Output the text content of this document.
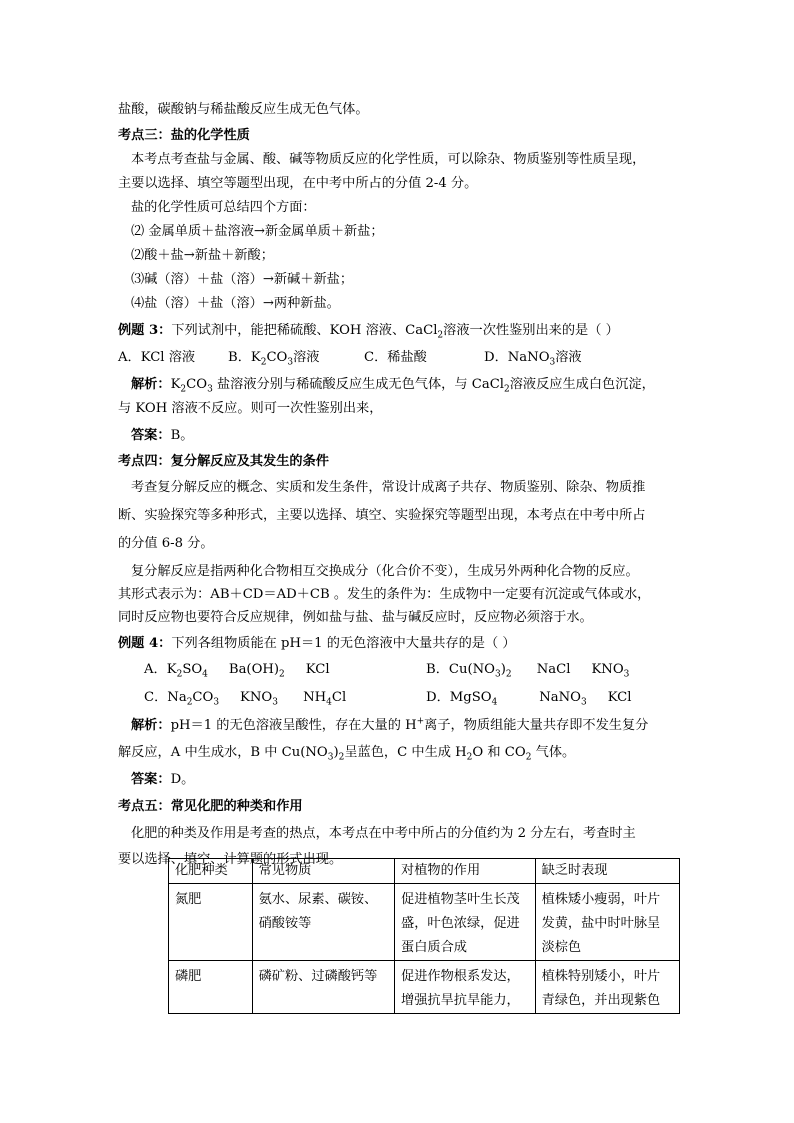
盐酸，碳酸钠与稀盐酸反应生成无色气体。
考点三：盐的化学性质
本考点考查盐与金属、酸、碱等物质反应的化学性质，可以除杂、物质鉴别等性质呈现，
主要以选择、填空等题型出现，在中考中所占的分值 2-4 分。
盐的化学性质可总结四个方面：
⑵ 金属单质＋盐溶液→新金属单质＋新盐；
⑵酸＋盐→新盐＋新酸；
⑶碱（溶）＋盐（溶）→新碱＋新盐；
⑷盐（溶）＋盐（溶）→两种新盐。
例题 3：下列试剂中，能把稀硫酸、KOH 溶液、CaCl$_2$溶液一次性鉴别出来的是（ ）
A．KCl 溶液 B．$K_2CO_3$溶液	C．稀盐酸	D．NaNO$_3$溶液
解析：$K_2CO_3$ 盐溶液分别与稀硫酸反应生成无色气体，与 CaCl$_2$溶液反应生成白色沉淀，
与 KOH 溶液不反应。则可一次性鉴别出来，
答案：B。
考点四：复分解反应及其发生的条件
考查复分解反应的概念、实质和发生条件，常设计成离子共存、物质鉴别、除杂、物质推
断、实验探究等多种形式，主要以选择、填空、实验探究等题型出现，本考点在中考中所占
的分值 6-8 分。
复分解反应是指两种化合物相互交换成分（化合价不变），生成另外两种化合物的反应。
其形式表示为：AB＋CD＝AD＋CB 。发生的条件为：生成物中一定要有沉淀或气体或水，
同时反应物也要符合反应规律，例如盐与盐、盐与碱反应时，反应物必须溶于水。
例题 4：下列各组物质能在 pH＝1 的无色溶液中大量共存的是（ ）
A．$K_2SO_4$ $Ba(OH)_2$ KCl	B．$Cu(NO_3)_2$ NaCl $KNO_3$
C．$Na_2CO_3$ $KNO_3$ $NH_4Cl$	D．MgSO$_4$	NaNO$_3$ KCl
解析：pH＝1 的无色溶液呈酸性，存在大量的 H+离子，物质组能大量共存即不发生复分
解反应，A 中生成水，B 中 $Cu(NO_3)_2$呈蓝色，C 中生成 $H_2O$ 和 $CO_2$ 气体。
答案：D。
考点五：常见化肥的种类和作用
化肥的种类及作用是考查的热点，本考点在中考中所占的分值约为 2 分左右，考查时主
要以选择、填空、计算题的形式出现。
化肥种类	常见物质	对植物的作用	缺乏时表现
氮肥	氨水、尿素、碳铵、硝酸铵等	促进植物茎叶生长茂盛，叶色浓绿，促进蛋白质合成	植株矮小瘦弱，叶片发黄，盐中时叶脉呈淡棕色
磷肥	磷矿粉、过磷酸钙等	促进作物根系发达，增强抗旱抗旱能力，	植株特别矮小，叶片青绿色，并出现紫色
